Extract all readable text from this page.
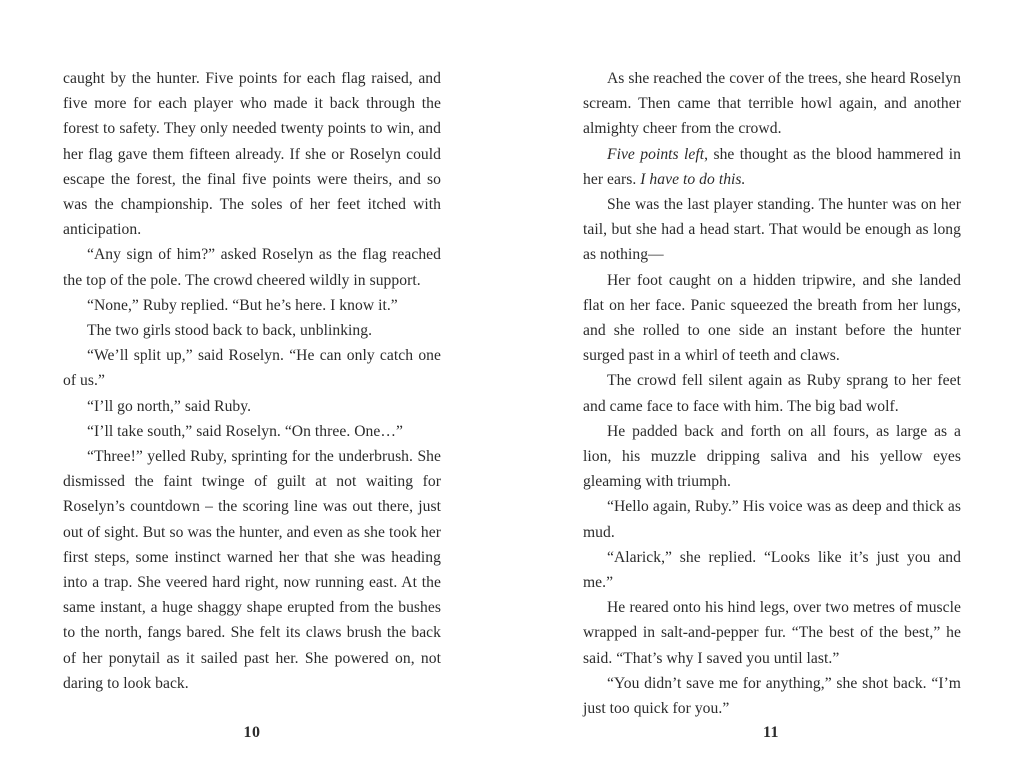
caught by the hunter. Five points for each flag raised, and five more for each player who made it back through the forest to safety. They only needed twenty points to win, and her flag gave them fifteen already. If she or Roselyn could escape the forest, the final five points were theirs, and so was the championship. The soles of her feet itched with anticipation.

“Any sign of him?” asked Roselyn as the flag reached the top of the pole. The crowd cheered wildly in support.

“None,” Ruby replied. “But he’s here. I know it.”

The two girls stood back to back, unblinking.

“We’ll split up,” said Roselyn. “He can only catch one of us.”

“I’ll go north,” said Ruby.

“I’ll take south,” said Roselyn. “On three. One…”

“Three!” yelled Ruby, sprinting for the underbrush. She dismissed the faint twinge of guilt at not waiting for Roselyn’s countdown – the scoring line was out there, just out of sight. But so was the hunter, and even as she took her first steps, some instinct warned her that she was heading into a trap. She veered hard right, now running east. At the same instant, a huge shaggy shape erupted from the bushes to the north, fangs bared. She felt its claws brush the back of her ponytail as it sailed past her. She powered on, not daring to look back.

10

As she reached the cover of the trees, she heard Roselyn scream. Then came that terrible howl again, and another almighty cheer from the crowd.

Five points left, she thought as the blood hammered in her ears. I have to do this.

She was the last player standing. The hunter was on her tail, but she had a head start. That would be enough as long as nothing—

Her foot caught on a hidden tripwire, and she landed flat on her face. Panic squeezed the breath from her lungs, and she rolled to one side an instant before the hunter surged past in a whirl of teeth and claws.

The crowd fell silent again as Ruby sprang to her feet and came face to face with him. The big bad wolf.

He padded back and forth on all fours, as large as a lion, his muzzle dripping saliva and his yellow eyes gleaming with triumph.

“Hello again, Ruby.” His voice was as deep and thick as mud.

“Alarick,” she replied. “Looks like it’s just you and me.”

He reared onto his hind legs, over two metres of muscle wrapped in salt-and-pepper fur. “The best of the best,” he said. “That’s why I saved you until last.”

“You didn’t save me for anything,” she shot back. “I’m just too quick for you.”

11
